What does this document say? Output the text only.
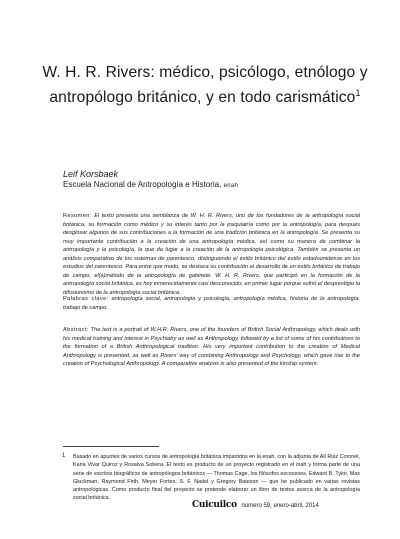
W. H. R. Rivers: médico, psicólogo, etnólogo y antropólogo británico, y en todo carismático$^1$
Leif Korsbaek
Escuela Nacional de Antropología e Historia, enah
Resumen: El texto presenta una semblanza de W. H. R. Rivers, uno de los fundadores de la antropología social británica, su formación como médico y su interés tanto por la psiquiatría como por la antropología, para después desglosar algunos de sus contribuciones a la formación de una tradición británica en la antropología. Se presenta su muy importante contribución a la creación de una antropología médica, así como su manera de combinar la antropología y la psicología, la que da lugar a la creación de la antropología psicológica. También se presenta un análisis comparativo de los sistemas de parentesco, distinguiendo el estilo británico del estilo estadounidense en los estudios del parentesco. Para entre que modo, se destaca su contribución al desarrollo de un estilo británico de trabajo de campo, el(a)método de la antropología de gabinete. W. H. R. Rivers, que participó en la formación de la antropología social británica, es hoy inmerecidamente casi desconocido, en primer lugar porque sufrió el desprestigio la difusionismo de la antropología social británica.
Palabras clave: antropología social, antropología y psicología, antropología médica, historia de la antropología, trabajo de campo.
Abstract: The text is a portrait of W.H.R. Rivers, one of the founders of British Social Anthropology, which deals with his medical training and interest in Psychiatry as well as Anthropology, followed by a list of some of his contributions to the formation of a British Anthropological tradition. His very important contribution to the creation of Medical Anthropology is presented, as well as Rivers' way of combining Anthropology and Psychology, which gave rise to the creation of Psychological Anthropology. A comparative analysis is also presented of the kinship system.
1 Basado en apuntes de varios cursos de antropología británica impartidos en la enah, con la adjunta de Ali Ruiz Coronel, Karla Vivar Quiroz y Rosalva Sobera. El texto es producto de un proyecto registrado en el inah y forma parte de una serie de escritos biográficos de antropólogos británicos — Thomas Cage, los filósofos escoceses, Edward B. Tylor, Max Gluckman, Raymond Firth, Meyer Fortes, S. F. Nadel y Gregory Bateson — que he publicado en varias revistas antropológicas. Como producto final del proyecto se pretende elaborar un libro de textos acerca de la antropología social británica.
Cuicuilco número 59, enero-abril, 2014
